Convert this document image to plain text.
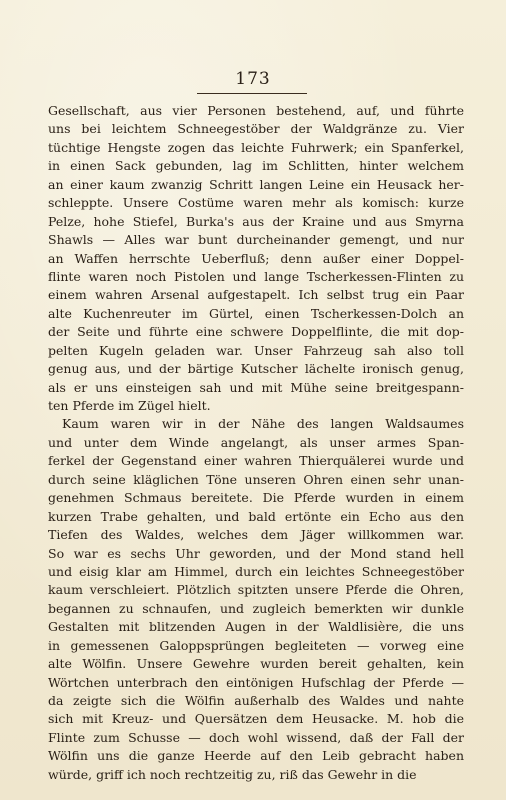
173
Gesellschaft, aus vier Personen bestehend, auf, und führte
uns bei leichtem Schneegestöber der Waldgränze zu. Vier
tüchtige Hengste zogen das leichte Fuhrwerk; ein Spanferkel,
in einen Sack gebunden, lag im Schlitten, hinter welchem
an einer kaum zwanzig Schritt langen Leine ein Heusack her-
schleppte. Unsere Costüme waren mehr als komisch: kurze
Pelze, hohe Stiefel, Burka's aus der Kraine und aus Smyrna
Shawls — Alles war bunt durcheinander gemengt, und nur
an Waffen herrschte Ueberfluß; denn außer einer Doppel-
flinte waren noch Pistolen und lange Tscherkessen-Flinten zu
einem wahren Arsenal aufgestapelt. Ich selbst trug ein Paar
alte Kuchenreuter im Gürtel, einen Tscherkessen-Dolch an
der Seite und führte eine schwere Doppelflinte, die mit dop-
pelten Kugeln geladen war. Unser Fahrzeug sah also toll
genug aus, und der bärtige Kutscher lächelte ironisch genug,
als er uns einsteigen sah und mit Mühe seine breitgespann-
ten Pferde im Zügel hielt.
Kaum waren wir in der Nähe des langen Waldsaumes
und unter dem Winde angelangt, als unser armes Span-
ferkel der Gegenstand einer wahren Thierquälerei wurde und
durch seine kläglichen Töne unseren Ohren einen sehr unan-
genehmen Schmaus bereitete. Die Pferde wurden in einem
kurzen Trabe gehalten, und bald ertönte ein Echo aus den
Tiefen des Waldes, welches dem Jäger willkommen war.
So war es sechs Uhr geworden, und der Mond stand hell
und eisig klar am Himmel, durch ein leichtes Schneegestöber
kaum verschleiert. Plötzlich spitzten unsere Pferde die Ohren,
begannen zu schnaufen, und zugleich bemerkten wir dunkle
Gestalten mit blitzenden Augen in der Waldlisière, die uns
in gemessenen Galoppsprüngen begleiteten — vorweg eine
alte Wölfin. Unsere Gewehre wurden bereit gehalten, kein
Wörtchen unterbrach den eintönigen Hufschlag der Pferde —
da zeigte sich die Wölfin außerhalb des Waldes und nahte
sich mit Kreuz- und Quersätzen dem Heusacke. M. hob die
Flinte zum Schusse — doch wohl wissend, daß der Fall der
Wölfin uns die ganze Heerde auf den Leib gebracht haben
würde, griff ich noch rechtzeitig zu, riß das Gewehr in die
